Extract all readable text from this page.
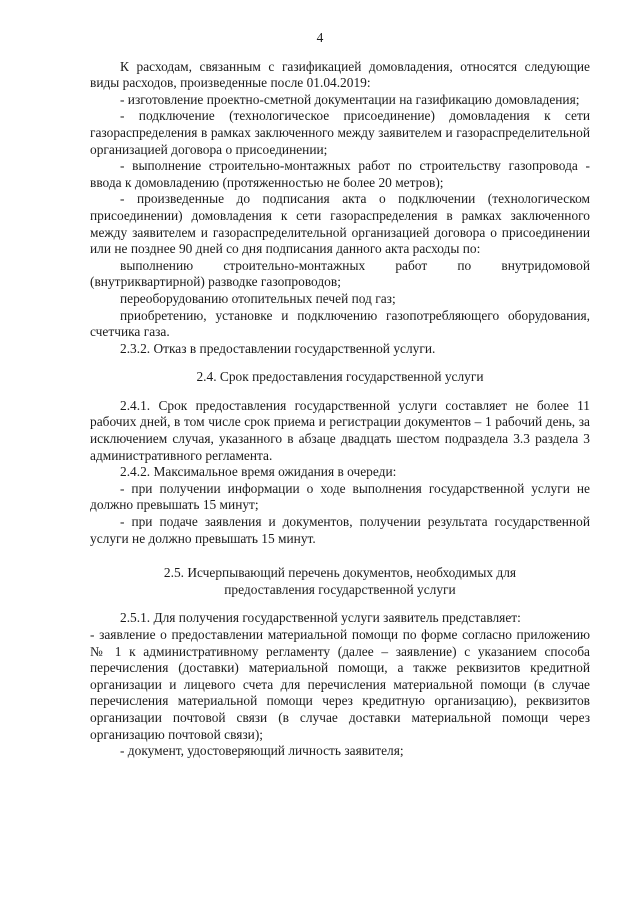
4

К расходам, связанным с газификацией домовладения, относятся следующие виды расходов, произведенные после 01.04.2019:

- изготовление проектно-сметной документации на газификацию домовладения;

- подключение (технологическое присоединение) домовладения к сети газораспределения в рамках заключенного между заявителем и газораспределительной организацией договора о присоединении;

- выполнение строительно-монтажных работ по строительству газопровода - ввода к домовладению (протяженностью не более 20 метров);

- произведенные до подписания акта о подключении (технологическом присоединении) домовладения к сети газораспределения в рамках заключенного между заявителем и газораспределительной организацией договора о присоединении или не позднее 90 дней со дня подписания данного акта расходы по:

выполнению строительно-монтажных работ по внутридомовой (внутриквартирной) разводке газопроводов;

переоборудованию отопительных печей под газ;

приобретению, установке и подключению газопотребляющего оборудования, счетчика газа.

2.3.2. Отказ в предоставлении государственной услуги.

2.4. Срок предоставления государственной услуги

2.4.1. Срок предоставления государственной услуги составляет не более 11 рабочих дней, в том числе срок приема и регистрации документов – 1 рабочий день, за исключением случая, указанного в абзаце двадцать шестом подраздела 3.3 раздела 3 административного регламента.

2.4.2. Максимальное время ожидания в очереди:

- при получении информации о ходе выполнения государственной услуги не должно превышать 15 минут;

- при подаче заявления и документов, получении результата государственной услуги не должно превышать 15 минут.

2.5. Исчерпывающий перечень документов, необходимых для
предоставления государственной услуги

2.5.1. Для получения государственной услуги заявитель представляет:

- заявление о предоставлении материальной помощи по форме согласно приложению № 1 к административному регламенту (далее – заявление) с указанием способа перечисления (доставки) материальной помощи, а также реквизитов кредитной организации и лицевого счета для перечисления материальной помощи (в случае перечисления материальной помощи через кредитную организацию), реквизитов организации почтовой связи (в случае доставки материальной помощи через организацию почтовой связи);

- документ, удостоверяющий личность заявителя;
